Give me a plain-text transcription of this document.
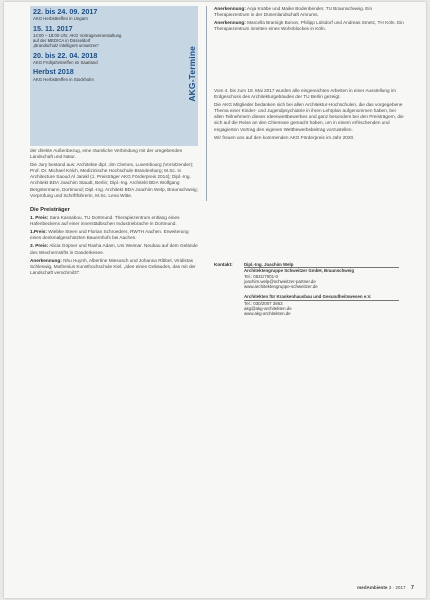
22. bis 24. 09. 2017
AKG Herbsttreffen in Ungarn
15. 11. 2017
14:00 – 18:00 Uhr, AKG Vortragsveranstaltung
auf der MEDICA in Düsseldorf
„Brandschutz intelligent umsetzen“
20. bis 22. 04. 2018
AKG Frühjahrstreffen im Saarland
Herbst 2018
AKG Herbsttreffen in Stockholm	AKG-Termine

der direkte Außenbezug, eine räumliche Verbindung mit der umgebenden Landschaft und Natur.

Die Jury bestand aus: Architekte dipl. Jim Clemes, Luxembourg (Vorsitzender); Prof. Dr. Michael Kölch, Medizinische Hochschule Brandenburg; M.Sc. in Architecture Saoud Al Jarakl (1. Preisträger AKG Förderpreis 2014); Dipl.-Ing. Architekt BDA Joachim Staudt, Berlin; Dipl.-Ing. Architekt BDA Wolfgang Bergstermann, Dortmund; Dipl.-Ing. Architekt BDA Joachim Welp, Braunschweig; Vorprüfung und Schriftführerin, M.Sc. Lena Witte.

Die Preisträger

1. Preis: Sara Kassabou, TU Dortmund. Therapiezentrum entlang eines Hafenbeckens auf einer innerstädtischen Industriebrache in Dortmund.

1.Preis: Wiebke Steen und Florian Schroeders, RWTH Aachen. Erweiterung eines denkmalgeschützten Bauernhofs bei Aachen.

3. Preis: Alicia Göpner und Rasha Adam, Uni Weimar. Neubau auf dem Gelände des Wiechernstifts in Ganderkesee.

Anerkennung: Nhu Huynh, Albertine Miesusch und Johanna Ribbel, Viridistas Schleswig, Muthesius Kunsthochschule Kiel. „Idee eines Gebäudes, das mit der Landschaft verschmilzt“.

Anerkennung: Anja Knäbe und Maike Bodenbender, TU Braunschweig. Ein Therapiezentrum in der Dünenlandschaft Amrums.

Anerkennung: Marcella Bramigk Bonon, Philipp Lülsdorf und Andreas Smetz, TH Köln. Ein Therapiezentrum inmitten eines Wohnblockes in Köln.

Vom 4. bis zum 19. Mai 2017 wurden alle eingereichten Arbeiten in einer Ausstellung im Erdgeschoss des Architekturgebäudes der TU Berlin gezeigt.

Die AKG Mitglieder bedanken sich bei allen Architektur-Hochschulen, die das vorgegebene Thema einer Kinder- und Jugendpsychiatrie in ihren Lehrplan aufgenommen haben, bei allen Teilnehmern dieses Ideenwettbewerbes und ganz besonders bei den Preisträgern, die sich auf die Reise an den Chiemsee gemacht haben, um in einem erfrischenden und engagierten Vortrag den eigenen Wettbewerbsbeitrag vorzustellen.

Wir freuen uns auf den kommenden AKG Förderpreis im Jahr 2020.

Kontakt:	Dipl.-Ing. Joachim Welp
Architektengruppe Schweitzer GmbH, Braunschweig
Tel.: 0531/7001-0
joachim.welp@schweitzer-partner.de
www.architektengruppe-schweitzer.de
Architekten für Krankenhausbau und Gesundheitswesen e.V.
Tel.: 030/2007 3863
akg@akg-architekten.de
www.akg-architekten.de
medAmbiente 3 · 2017 7
